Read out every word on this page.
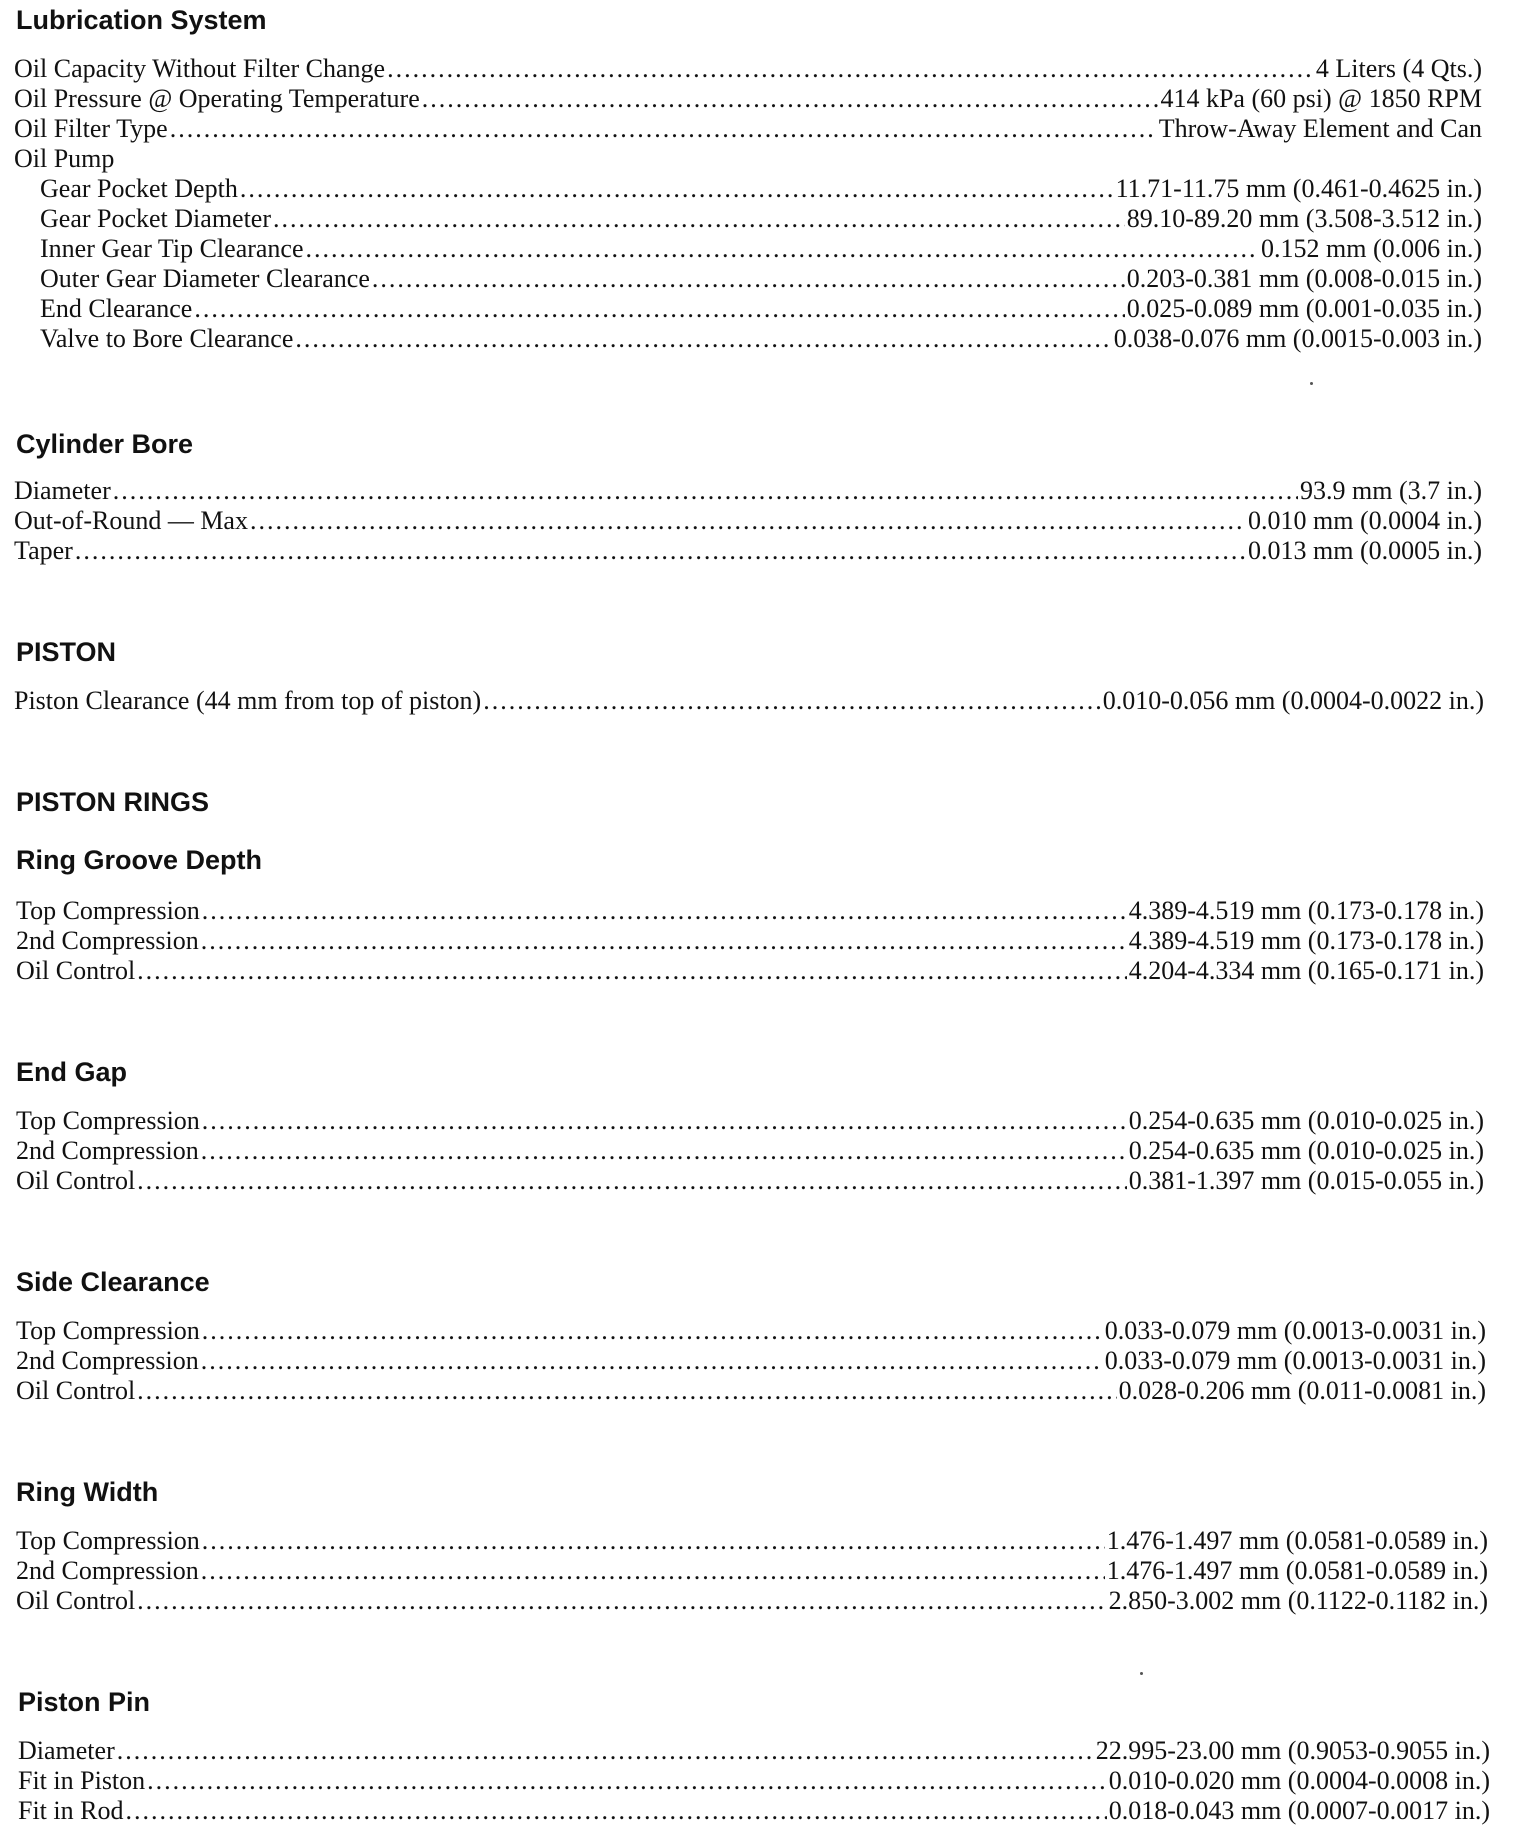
Lubrication System
Oil Capacity Without Filter Change .....	4 Liters (4 Qts.)
Oil Pressure @ Operating Temperature .....	414 kPa (60 psi) @ 1850 RPM
Oil Filter Type .....	Throw-Away Element and Can
Oil Pump
Gear Pocket Depth .....	11.71-11.75 mm (0.461-0.4625 in.)
Gear Pocket Diameter .....	89.10-89.20 mm (3.508-3.512 in.)
Inner Gear Tip Clearance .....	0.152 mm (0.006 in.)
Outer Gear Diameter Clearance .....	0.203-0.381 mm (0.008-0.015 in.)
End Clearance .....	0.025-0.089 mm (0.001-0.035 in.)
Valve to Bore Clearance .....	0.038-0.076 mm (0.0015-0.003 in.)
Cylinder Bore
Diameter .....	93.9 mm (3.7 in.)
Out-of-Round — Max .....	0.010 mm (0.0004 in.)
Taper .....	0.013 mm (0.0005 in.)
PISTON
Piston Clearance (44 mm from top of piston) .....	0.010-0.056 mm (0.0004-0.0022 in.)
PISTON RINGS
Ring Groove Depth
Top Compression .....	4.389-4.519 mm (0.173-0.178 in.)
2nd Compression .....	4.389-4.519 mm (0.173-0.178 in.)
Oil Control .....	4.204-4.334 mm (0.165-0.171 in.)
End Gap
Top Compression .....	0.254-0.635 mm (0.010-0.025 in.)
2nd Compression .....	0.254-0.635 mm (0.010-0.025 in.)
Oil Control .....	0.381-1.397 mm (0.015-0.055 in.)
Side Clearance
Top Compression .....	0.033-0.079 mm (0.0013-0.0031 in.)
2nd Compression .....	0.033-0.079 mm (0.0013-0.0031 in.)
Oil Control .....	0.028-0.206 mm (0.011-0.0081 in.)
Ring Width
Top Compression .....	1.476-1.497 mm (0.0581-0.0589 in.)
2nd Compression .....	1.476-1.497 mm (0.0581-0.0589 in.)
Oil Control .....	2.850-3.002 mm (0.1122-0.1182 in.)
Piston Pin
Diameter .....	22.995-23.00 mm (0.9053-0.9055 in.)
Fit in Piston .....	0.010-0.020 mm (0.0004-0.0008 in.)
Fit in Rod .....	0.018-0.043 mm (0.0007-0.0017 in.)
